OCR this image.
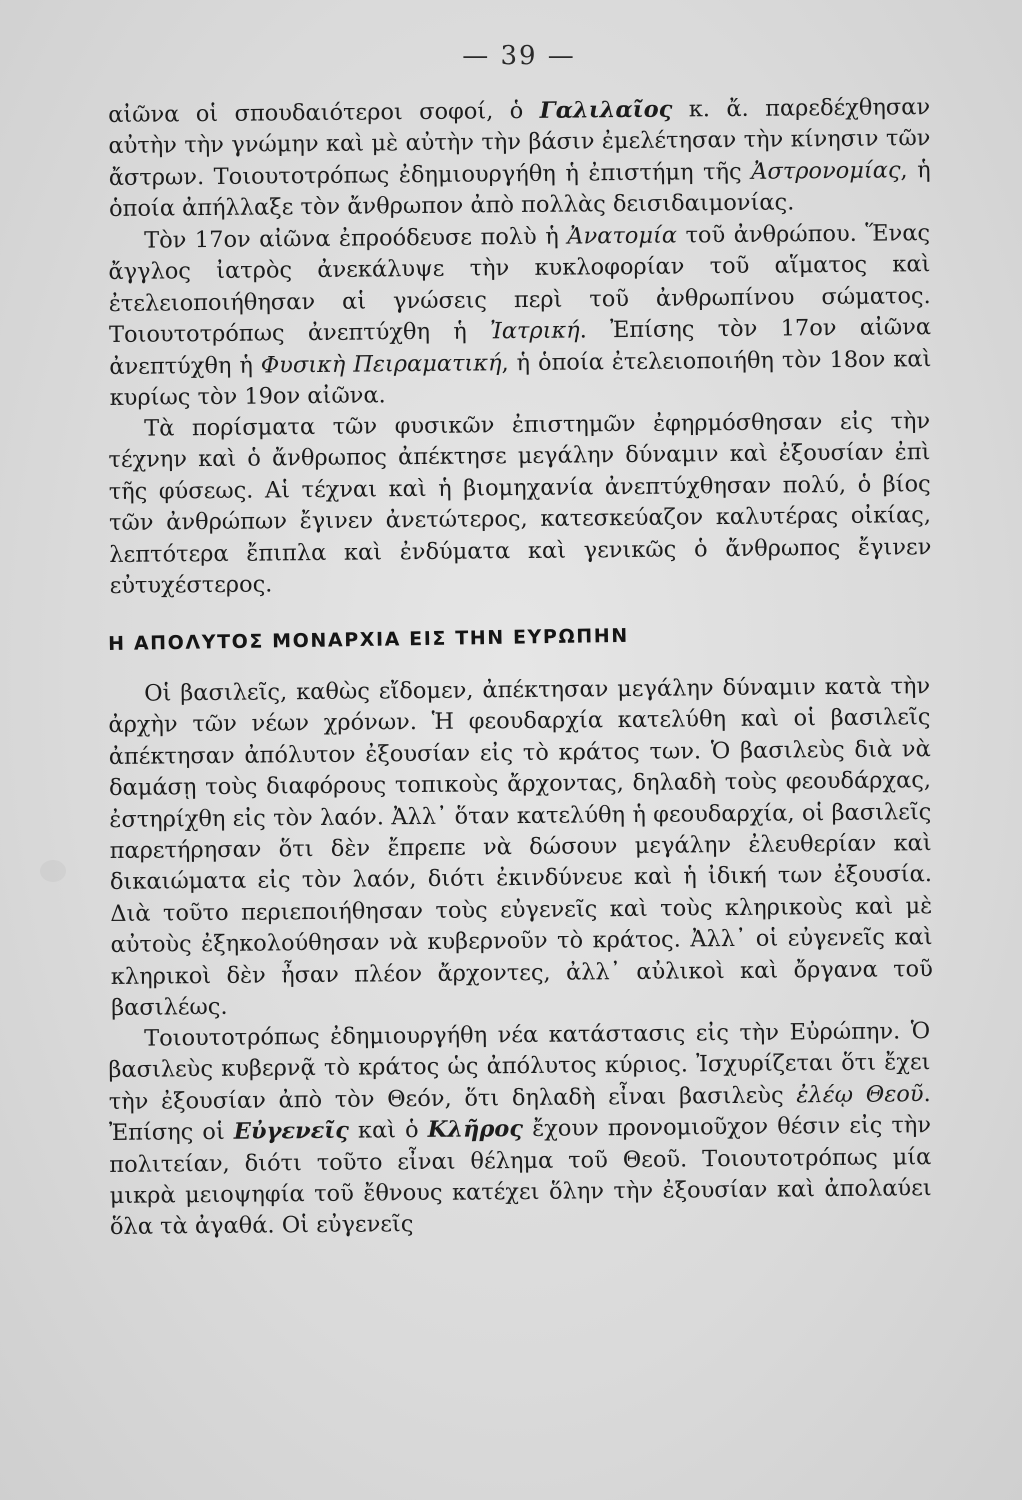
— 39 —

αἰῶνα οἱ σπουδαιότεροι σοφοί, ὁ Γαλιλαῖος κ. ἄ. παρεδέχθησαν αὐτὴν τὴν γνώμην καὶ μὲ αὐτὴν τὴν βάσιν ἐμελέτησαν τὴν κίνησιν τῶν ἄστρων. Τοιουτοτρόπως ἐδημιουργήθη ἡ ἐπιστήμη τῆς Ἀστρονομίας, ἡ ὁποία ἀπήλλαξε τὸν ἄνθρωπον ἀπὸ πολλὰς δεισιδαιμονίας.

Τὸν 17ον αἰῶνα ἐπροόδευσε πολὺ ἡ Ἀνατομία τοῦ ἀνθρώπου. Ἕνας ἄγγλος ἰατρὸς ἀνεκάλυψε τὴν κυκλοφορίαν τοῦ αἵματος καὶ ἐτελειοποιήθησαν αἱ γνώσεις περὶ τοῦ ἀνθρωπίνου σώματος. Τοιουτοτρόπως ἀνεπτύχθη ἡ Ἰατρική. Ἐπίσης τὸν 17ον αἰῶνα ἀνεπτύχθη ἡ Φυσικὴ Πειραματική, ἡ ὁποία ἐτελειοποιήθη τὸν 18ον καὶ κυρίως τὸν 19ον αἰῶνα.

Τὰ πορίσματα τῶν φυσικῶν ἐπιστημῶν ἐφηρμόσθησαν εἰς τὴν τέχνην καὶ ὁ ἄνθρωπος ἀπέκτησε μεγάλην δύναμιν καὶ ἐξουσίαν ἐπὶ τῆς φύσεως. Αἱ τέχναι καὶ ἡ βιομηχανία ἀνεπτύχθησαν πολύ, ὁ βίος τῶν ἀνθρώπων ἔγινεν ἀνετώτερος, κατεσκεύαζον καλυτέρας οἰκίας, λεπτότερα ἔπιπλα καὶ ἐνδύματα καὶ γενικῶς ὁ ἄνθρωπος ἔγινεν εὐτυχέστερος.

Η ΑΠΟΛΥΤΟΣ ΜΟΝΑΡΧΙΑ ΕΙΣ ΤΗΝ ΕΥΡΩΠΗΝ

Οἱ βασιλεῖς, καθὼς εἴδομεν, ἀπέκτησαν μεγάλην δύναμιν κατὰ τὴν ἀρχὴν τῶν νέων χρόνων. Ἡ φεουδαρχία κατελύθη καὶ οἱ βασιλεῖς ἀπέκτησαν ἀπόλυτον ἐξουσίαν εἰς τὸ κράτος των. Ὁ βασιλεὺς διὰ νὰ δαμάσῃ τοὺς διαφόρους τοπικοὺς ἄρχοντας, δηλαδὴ τοὺς φεουδάρχας, ἐστηρίχθη εἰς τὸν λαόν. Ἀλλ᾿ ὅταν κατελύθη ἡ φεουδαρχία, οἱ βασιλεῖς παρετήρησαν ὅτι δὲν ἔπρεπε νὰ δώσουν μεγάλην ἐλευθερίαν καὶ δικαιώματα εἰς τὸν λαόν, διότι ἐκινδύνευε καὶ ἡ ἰδική των ἐξουσία. Διὰ τοῦτο περιεποιήθησαν τοὺς εὐγενεῖς καὶ τοὺς κληρικοὺς καὶ μὲ αὐτοὺς ἐξηκολούθησαν νὰ κυβερνοῦν τὸ κράτος. Ἀλλ᾿ οἱ εὐγενεῖς καὶ κληρικοὶ δὲν ἦσαν πλέον ἄρχοντες, ἀλλ᾿ αὐλικοὶ καὶ ὄργανα τοῦ βασιλέως.

Τοιουτοτρόπως ἐδημιουργήθη νέα κατάστασις εἰς τὴν Εὐρώπην. Ὁ βασιλεὺς κυβερνᾷ τὸ κράτος ὡς ἀπόλυτος κύριος. Ἰσχυρίζεται ὅτι ἔχει τὴν ἐξουσίαν ἀπὸ τὸν Θεόν, ὅτι δηλαδὴ εἶναι βασιλεὺς ἐλέῳ Θεοῦ. Ἐπίσης οἱ Εὐγενεῖς καὶ ὁ Κλῆρος ἔχουν προνομιοῦχον θέσιν εἰς τὴν πολιτείαν, διότι τοῦτο εἶναι θέλημα τοῦ Θεοῦ. Τοιουτοτρόπως μία μικρὰ μειοψηφία τοῦ ἔθνους κατέχει ὅλην τὴν ἐξουσίαν καὶ ἀπολαύει ὅλα τὰ ἀγαθά. Οἱ εὐγενεῖς
